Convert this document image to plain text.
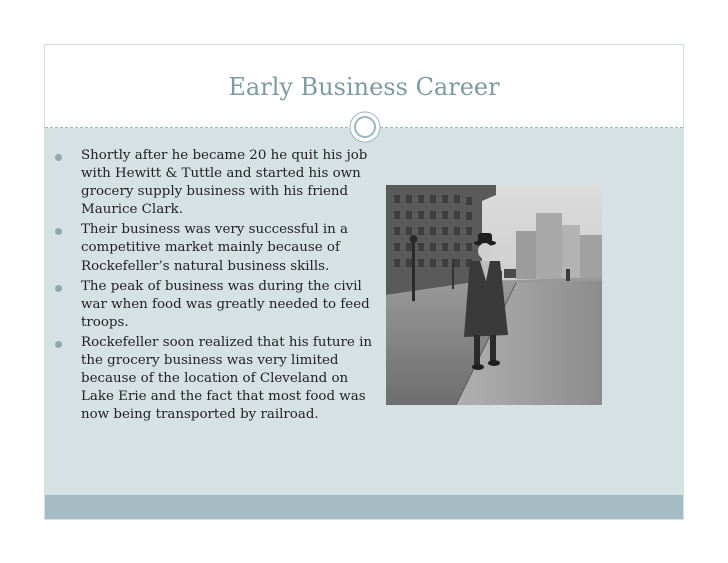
Early Business Career
Shortly after he became 20 he quit his job with Hewitt & Tuttle and started his own grocery supply business with his friend Maurice Clark.
Their business was very successful in a competitive market mainly because of Rockefeller’s natural business skills.
The peak of business was during the civil war when food was greatly needed to feed troops.
Rockefeller soon realized that his future in the grocery business was very limited because of the location of Cleveland on Lake Erie and the fact that most food was now being transported by railroad.
